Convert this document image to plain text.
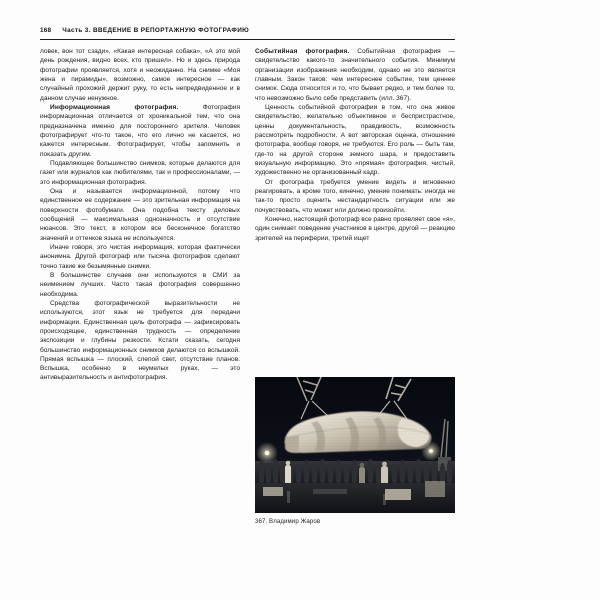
168 Часть 3. ВВЕДЕНИЕ В РЕПОРТАЖНУЮ ФОТОГРАФИЮ

ловек, вон тот сзади», «Какая интересная собака», «А это мой день рождения, видно всех, кто пришел». Но и здесь природа фотографии проявляется, хотя и неожиданно. На снимке «Моя жена и пирамиды», возможно, самое интересное — как случайный прохожий держит руку, то есть непредвиденное и в данном случае ненужное.

Информационная фотография. Фотография информационная отличается от хроникальной тем, что она предназначена именно для постороннего зрителя. Человек фотографирует что-то такое, что его лично не касается, но кажется интересным. Фотографирует, чтобы запомнить и показать другим.

Подавляющее большинство снимков, которые делаются для газет или журналов как любителями, так и профессионалами, — это информационная фотография.

Она и называется информационной, потому что единственное ее содержание — это зрительная информация на поверхности фотобумаги. Она подобна тексту деловых сообщений — максимальная однозначность и отсутствие нюансов. Это текст, в котором все бесконечное богатство значений и оттенков языка не используется.

Иначе говоря, это чистая информация, которая фактически анонимна. Другой фотограф или тысяча фотографов сделают точно такие же безымянные снимки.

В большинстве случаев они используются в СМИ за неимением лучших. Часто такая фотография совершенно необходима.

Средства фотографической выразительности не используются, этот язык не требуется для передачи информации. Единственная цель фотографа — зафиксировать происходящее, единственная трудность — определение экспозиции и глубины резкости. Кстати сказать, сегодня большинство информационных снимков делаются со вспышкой. Прямая вспышка — плоский, слепой свет, отсутствие планов. Вспышка, особенно в неумелых руках, — это антивыразительность и антифотография.

Событийная фотография. Событийная фотография — свидетельство какого-то значительного события. Минимум организации изображения необходим, однако не это является главным. Закон таков: чем интереснее событие, тем ценнее снимок. Сюда относится и то, что бывает редко, и тем более то, что невозможно было себе представить (илл. 367).

Ценность событийной фотографии в том, что она живое свидетельство, желательно объективное и беспристрастное, ценны документальность, правдивость, возможность рассмотреть подробности. А вот авторская оценка, отношение фотографа, вообще говоря, не требуются. Его роль — быть там, где-то на другой стороне земного шара, и предоставить визуальную информацию. Это «прямая» фотография, чистый, художественно не организованный кадр.

От фотографа требуется умение видеть и мгновенно реагировать, а кроме того, кинечно, умение понимать: иногда не так-то просто оценить нестандартность ситуации или же почувствовать, что может или должно произойти.

Конечно, настоящий фотограф все равно проявляет свое «я», один снимает поведение участников в центре, другой — реакцию зрителей на периферии, третий ищет

367. Владимир Жаров
